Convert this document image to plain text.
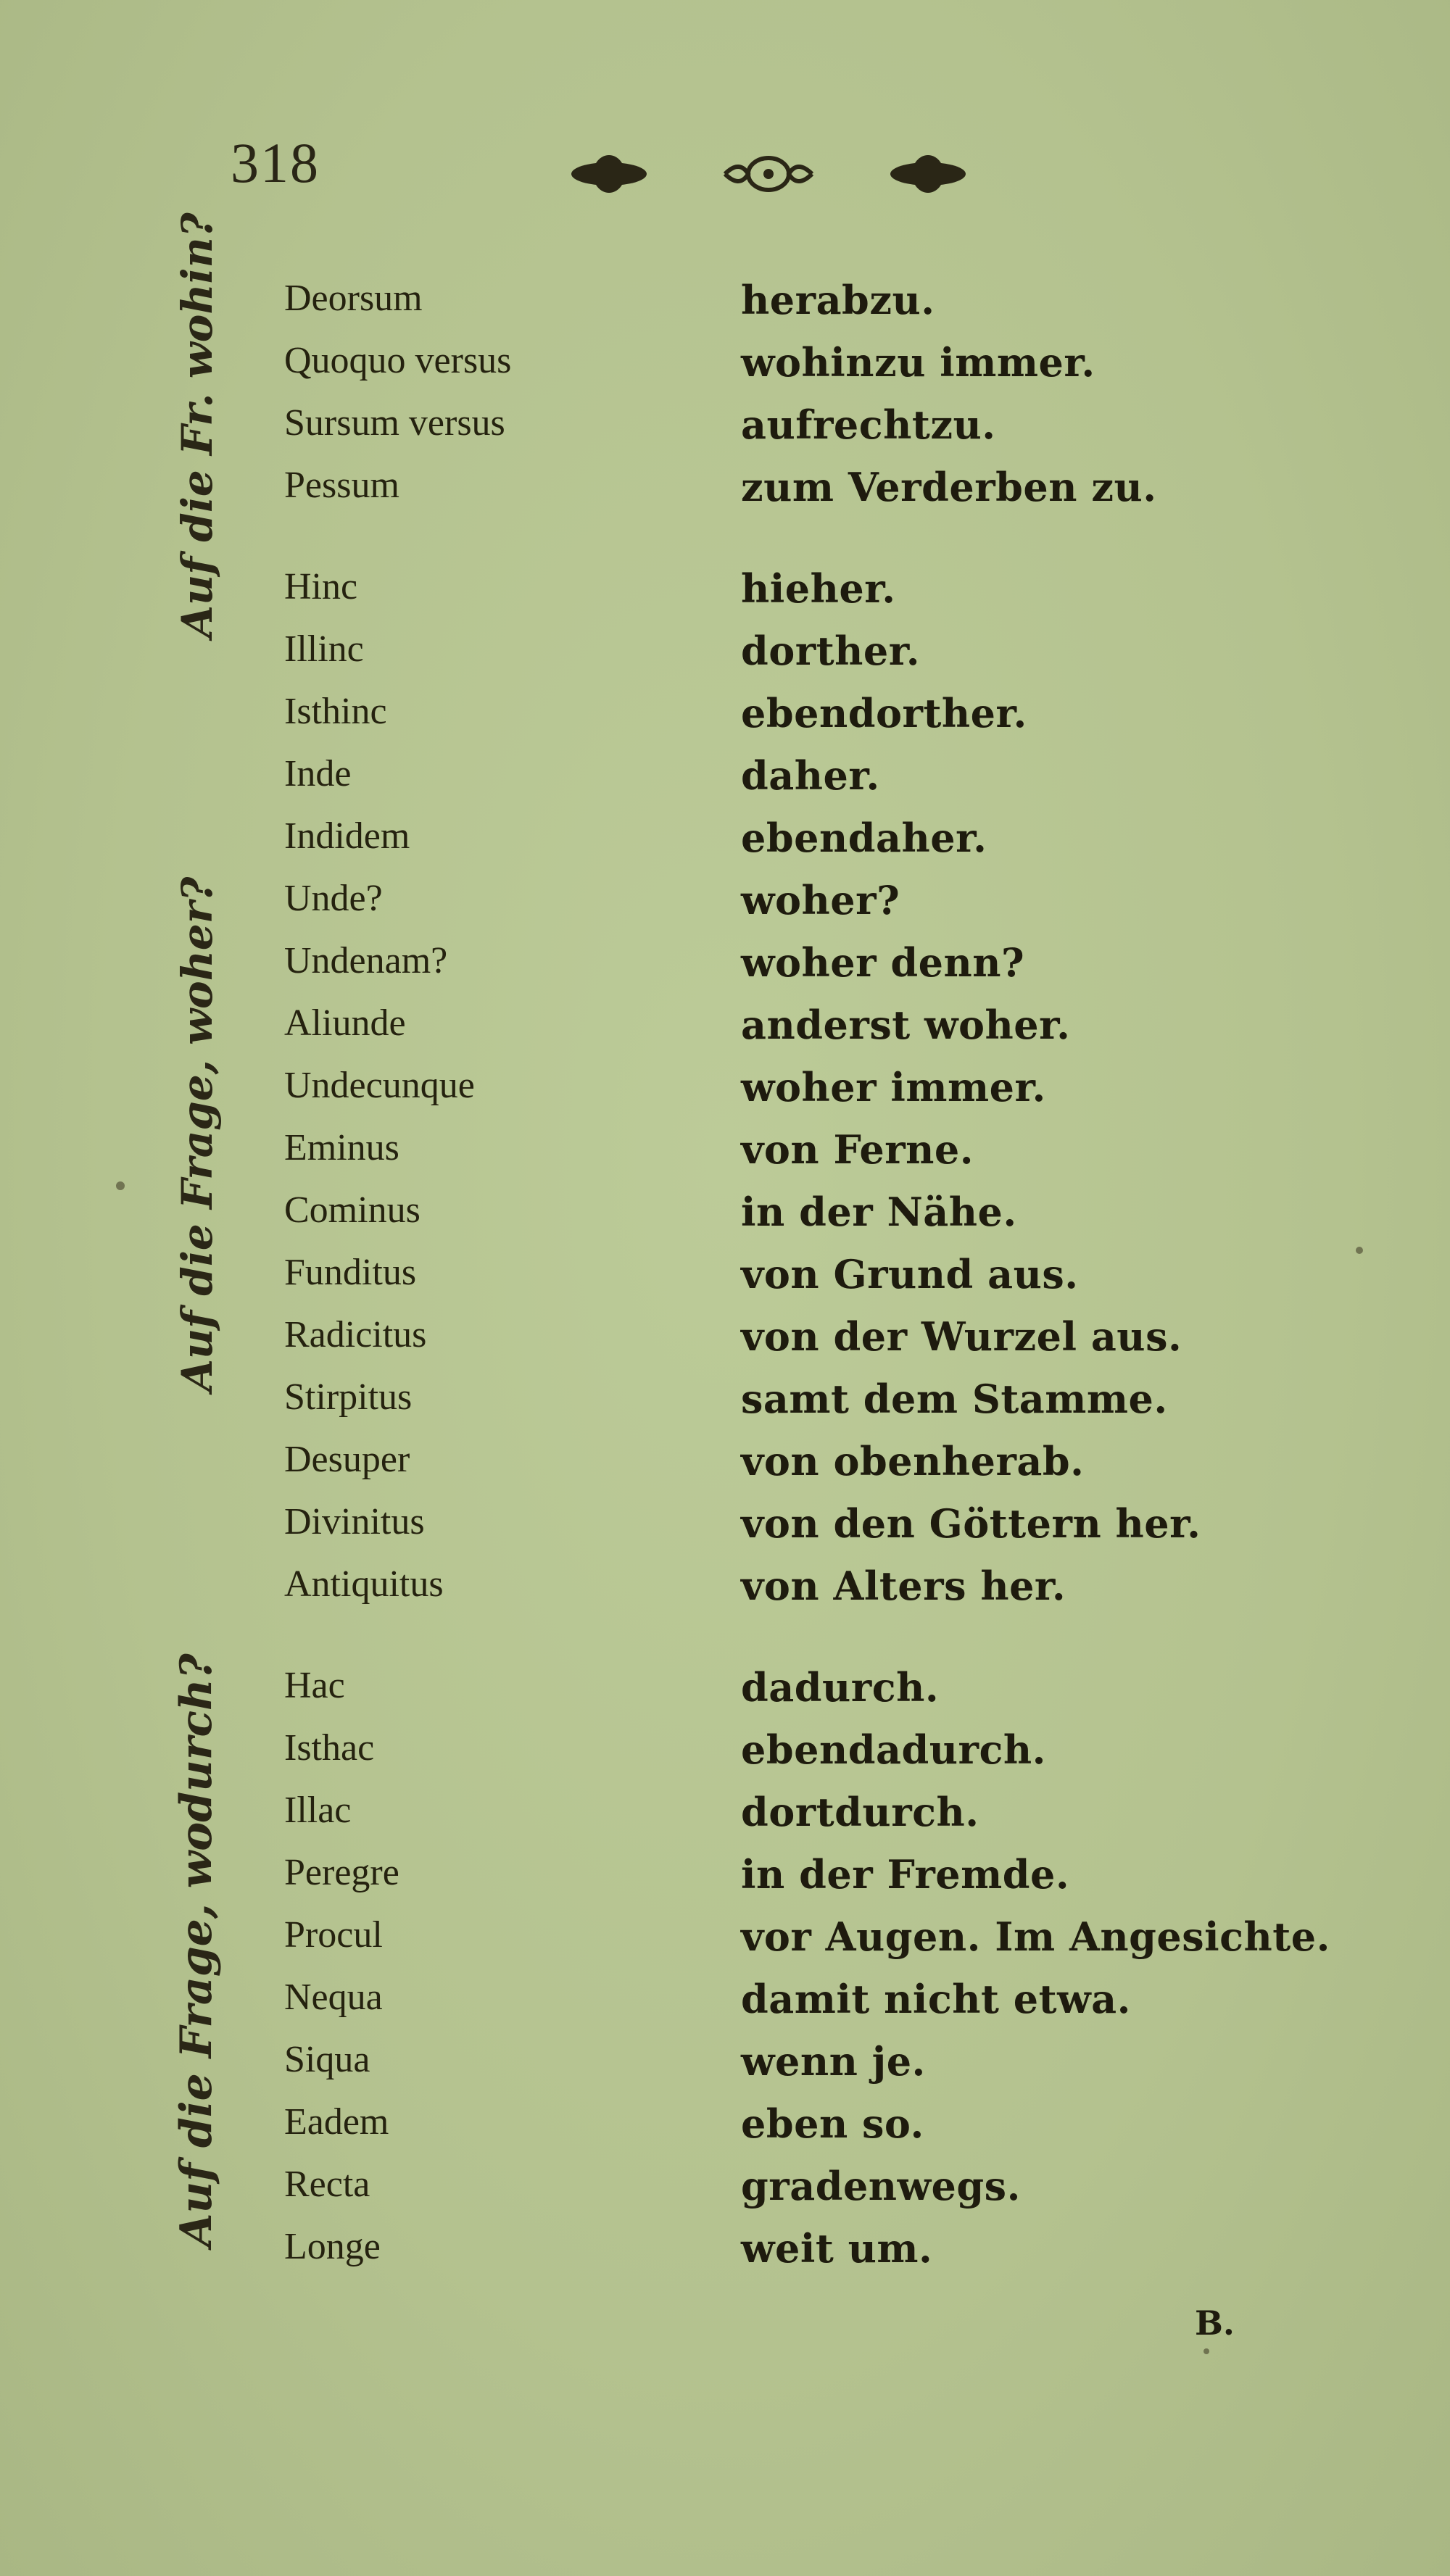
318
Auf die Fr. wohin? Deorsum	herabzu.
Quoquo versus	wohinzu immer.
Sursum versus	aufrechtzu.
Pessum	zum Verderben zu.
Hinc	hieher.
Illinc	dorther.
Isthinc	ebendorther.
Inde	daher.
Indidem	ebendaher.
Auf die Frage, woher? Unde?	woher?
Undenam?	woher denn?
Aliunde	anderst woher.
Undecunque	woher immer.
Eminus	von Ferne.
Cominus	in der Nähe.
Funditus	von Grund aus.
Radicitus	von der Wurzel aus.
Stirpitus	samt dem Stamme.
Desuper	von obenherab.
Divinitus	von den Göttern her.
Antiquitus	von Alters her.
Auf die Frage, wodurch? Hac	dadurch.
Isthac	ebendadurch.
Illac	dortdurch.
Peregre	in der Fremde.
Procul	vor Augen. Im Angesichte.
Nequa	damit nicht etwa.
Siqua	wenn je.
Eadem	eben so.
Recta	gradenwegs.
Longe	weit um.
B.
